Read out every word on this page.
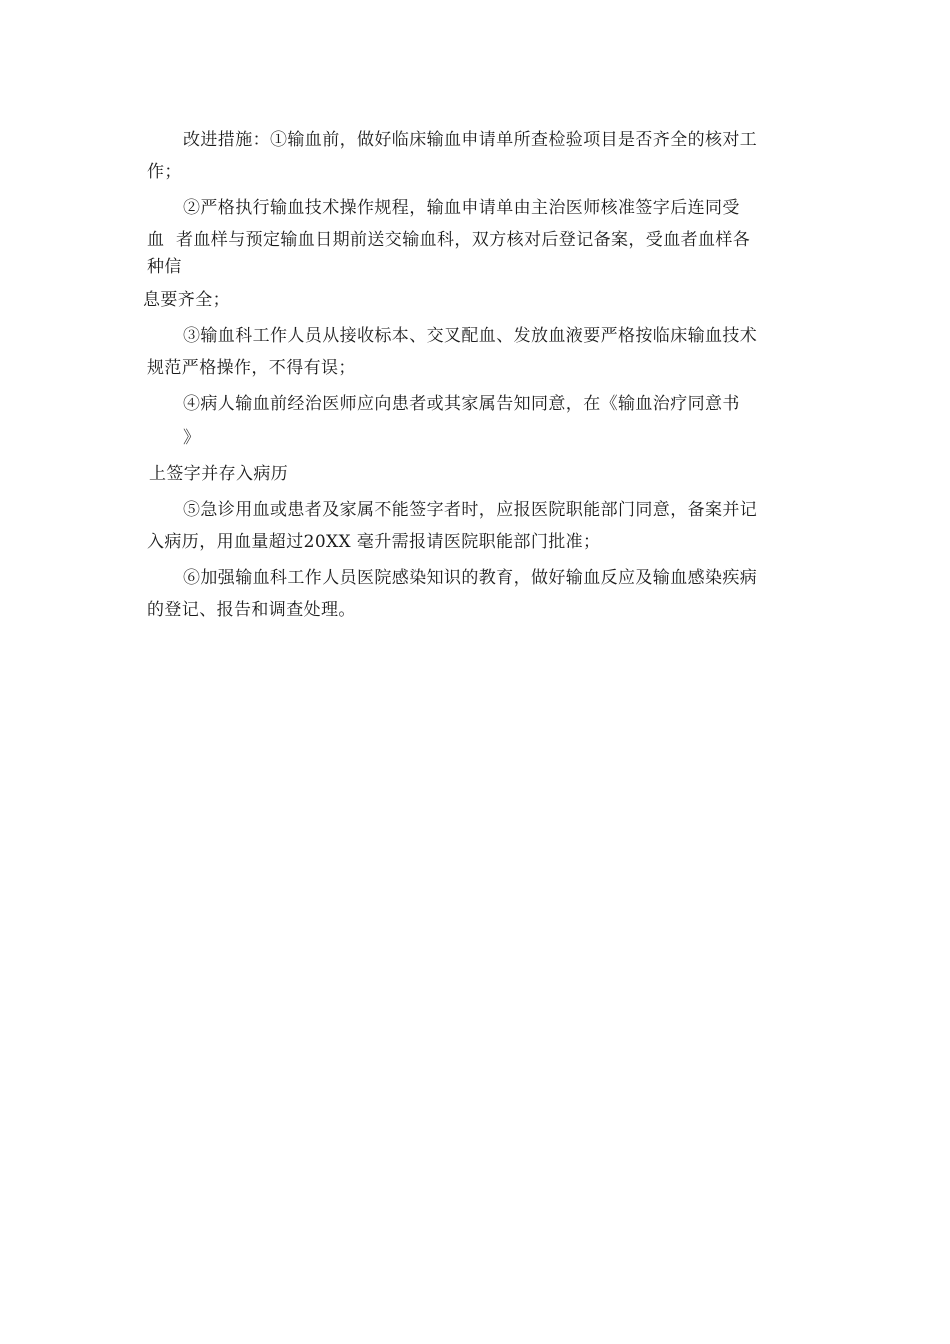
改进措施：①输血前，做好临床输血申请单所查检验项目是否齐全的核对工
作；

②严格执行输血技术操作规程，输血申请单由主治医师核准签字后连同受
血  者血样与预定输血日期前送交输血科，双方核对后登记备案，受血者血样各
种信

息要齐全；

③输血科工作人员从接收标本、交叉配血、发放血液要严格按临床输血技术
规范严格操作，不得有误；

④病人输血前经治医师应向患者或其家属告知同意，在《输血治疗同意书

》

上签字并存入病历

⑤急诊用血或患者及家属不能签字者时，应报医院职能部门同意，备案并记
入病历，用血量超过20XX 毫升需报请医院职能部门批准；

⑥加强输血科工作人员医院感染知识的教育，做好输血反应及输血感染疾病
的登记、报告和调查处理。
